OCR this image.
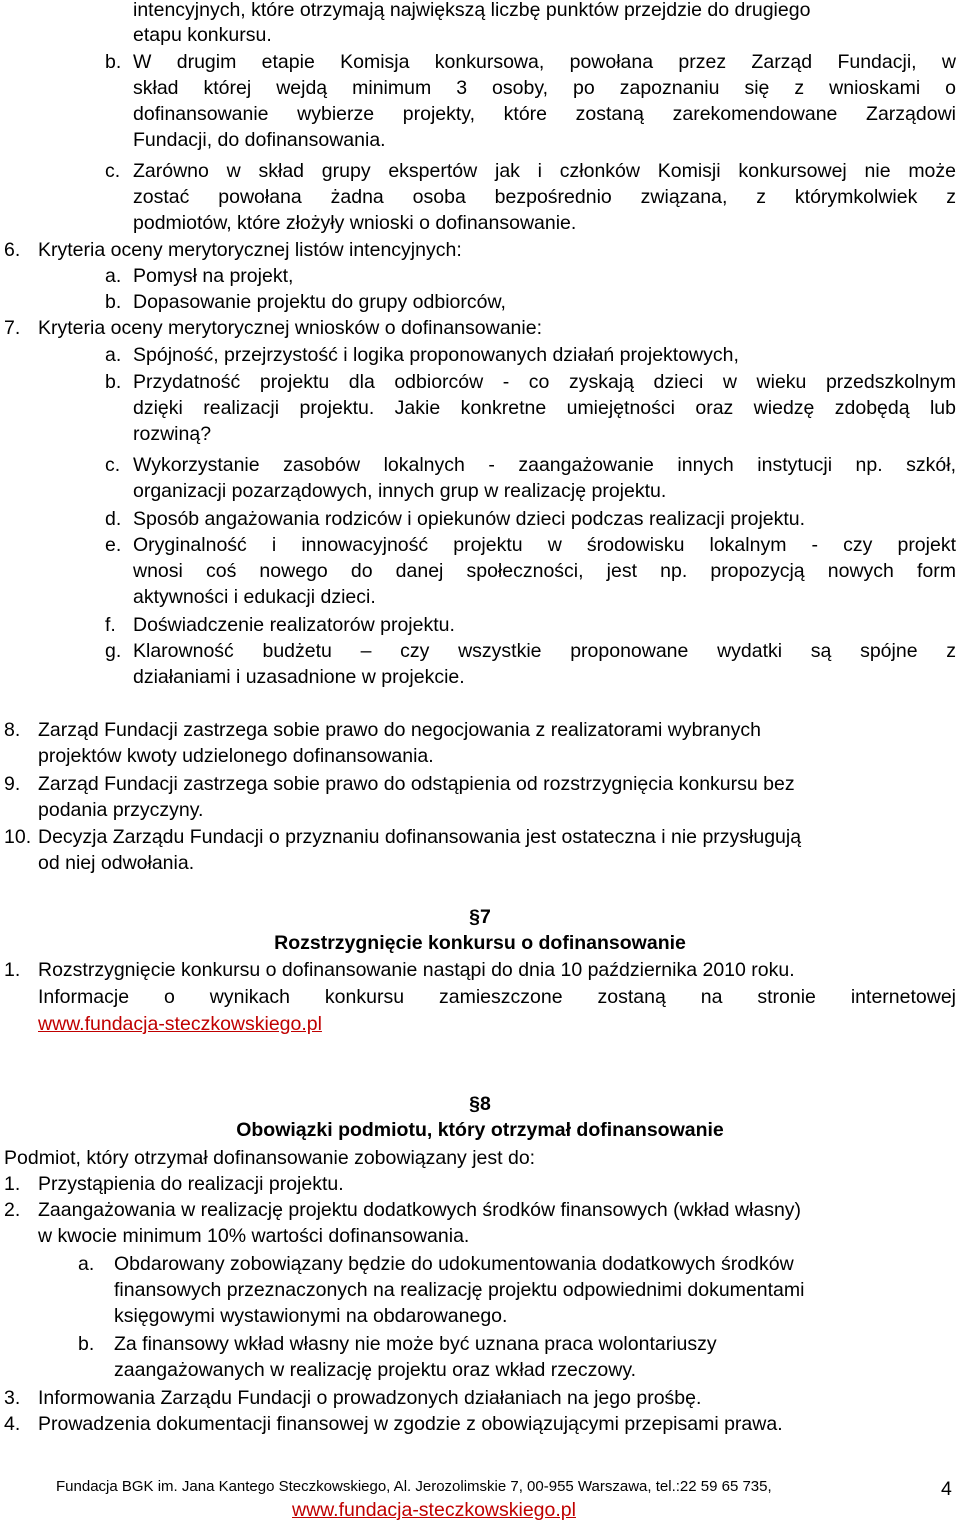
intencyjnych, które otrzymają największą liczbę punktów przejdzie do drugiego
etapu konkursu.
b. W drugim etapie Komisja konkursowa, powołana przez Zarząd Fundacji, w
skład której wejdą minimum 3 osoby, po zapoznaniu się z wnioskami o
dofinansowanie wybierze projekty, które zostaną zarekomendowane Zarządowi
Fundacji, do dofinansowania.
c. Zarówno w skład grupy ekspertów jak i członków Komisji konkursowej nie może
zostać powołana żadna osoba bezpośrednio związana, z którymkolwiek z
podmiotów, które złożyły wnioski o dofinansowanie.
6. Kryteria oceny merytorycznej listów intencyjnych:
a. Pomysł na projekt,
b. Dopasowanie projektu do grupy odbiorców,
7. Kryteria oceny merytorycznej wniosków o dofinansowanie:
a. Spójność, przejrzystość i logika proponowanych działań projektowych,
b. Przydatność projektu dla odbiorców - co zyskają dzieci w wieku przedszkolnym
dzięki realizacji projektu. Jakie konkretne umiejętności oraz wiedzę zdobędą lub
rozwiną?
c. Wykorzystanie zasobów lokalnych - zaangażowanie innych instytucji np. szkół,
organizacji pozarządowych, innych grup w realizację projektu.
d. Sposób angażowania rodziców i opiekunów dzieci podczas realizacji projektu.
e. Oryginalność i innowacyjność projektu w środowisku lokalnym - czy projekt
wnosi coś nowego do danej społeczności, jest np. propozycją nowych form
aktywności i edukacji dzieci.
f. Doświadczenie realizatorów projektu.
g. Klarowność budżetu – czy wszystkie proponowane wydatki są spójne z
działaniami i uzasadnione w projekcie.
8. Zarząd Fundacji zastrzega sobie prawo do negocjowania z realizatorami wybranych
projektów kwoty udzielonego dofinansowania.
9. Zarząd Fundacji zastrzega sobie prawo do odstąpienia od rozstrzygnięcia konkursu bez
podania przyczyny.
10. Decyzja Zarządu Fundacji o przyznaniu dofinansowania jest ostateczna i nie przysługują
od niej odwołania.
§7
Rozstrzygnięcie konkursu o dofinansowanie
1. Rozstrzygnięcie konkursu o dofinansowanie nastąpi do dnia 10 października 2010 roku.
Informacje o wynikach konkursu zamieszczone zostaną na stronie internetowej
www.fundacja-steczkowskiego.pl
§8
Obowiązki podmiotu, który otrzymał dofinansowanie
Podmiot, który otrzymał dofinansowanie zobowiązany jest do:
1. Przystąpienia do realizacji projektu.
2. Zaangażowania w realizację projektu dodatkowych środków finansowych (wkład własny)
w kwocie minimum 10% wartości dofinansowania.
a. Obdarowany zobowiązany będzie do udokumentowania dodatkowych środków
finansowych przeznaczonych na realizację projektu odpowiednimi dokumentami
księgowymi wystawionymi na obdarowanego.
b. Za finansowy wkład własny nie może być uznana praca wolontariuszy
zaangażowanych w realizację projektu oraz wkład rzeczowy.
3. Informowania Zarządu Fundacji o prowadzonych działaniach na jego prośbę.
4. Prowadzenia dokumentacji finansowej w zgodzie z obowiązującymi przepisami prawa.
Fundacja BGK im. Jana Kantego Steczkowskiego, Al. Jerozolimskie 7, 00-955 Warszawa, tel.:22 59 65 735,
www.fundacja-steczkowskiego.pl
4
